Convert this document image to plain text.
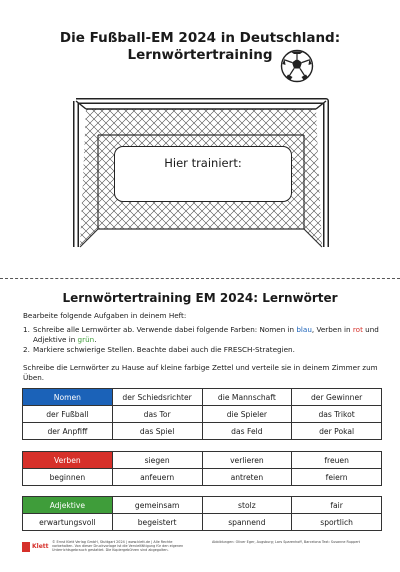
Die Fußball-EM 2024 in Deutschland:
Lernwörtertraining
Hier trainiert:
Lernwörtertraining EM 2024: Lernwörter
Bearbeite folgende Aufgaben in deinem Heft:
1. Schreibe alle Lernwörter ab. Verwende dabei folgende Farben: Nomen in blau, Verben in rot und Adjektive in grün.
2. Markiere schwierige Stellen. Beachte dabei auch die FRESCH-Strategien.
Schreibe die Lernwörter zu Hause auf kleine farbige Zettel und verteile sie in deinem Zimmer zum Üben.
Nomen	der Schiedsrichter	die Mannschaft	der Gewinner
der Fußball	das Tor	die Spieler	das Trikot
der Anpfiff	das Spiel	das Feld	der Pokal
Verben	siegen	verlieren	freuen
beginnen	anfeuern	antreten	feiern
Adjektive	gemeinsam	stolz	fair
erwartungsvoll	begeistert	spannend	sportlich
Klett
© Ernst Klett Verlag GmbH, Stuttgart 2024 | www.klett.de | Alle Rechte vorbehalten. Von dieser Druckvorlage ist die Vervielfältigung für den eigenen Unterrichtsgebrauch gestattet. Die Kopiergebühren sind abgegolten.
Abbildungen: Oliver Eger, Augsburg; Lars Sparenhoff, Barcelona Text: Susanne Ruppert
